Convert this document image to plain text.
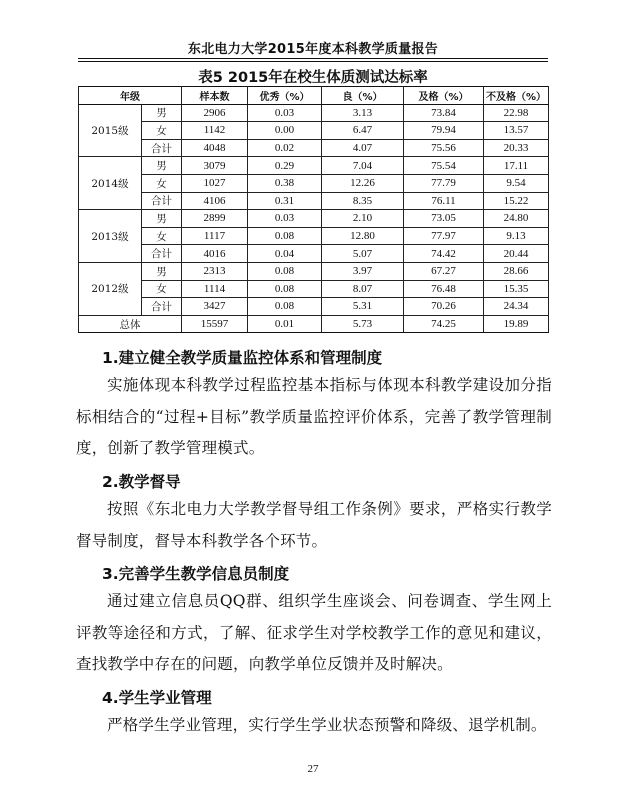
东北电力大学2015年度本科教学质量报告
表5 2015年在校生体质测试达标率
年级		样本数	优秀（%）	良（%）	及格（%）	不及格（%）
2015级	男	2906	0.03	3.13	73.84	22.98
	女	1142	0.00	6.47	79.94	13.57
	合计	4048	0.02	4.07	75.56	20.33
2014级	男	3079	0.29	7.04	75.54	17.11
	女	1027	0.38	12.26	77.79	9.54
	合计	4106	0.31	8.35	76.11	15.22
2013级	男	2899	0.03	2.10	73.05	24.80
	女	1117	0.08	12.80	77.97	9.13
	合计	4016	0.04	5.07	74.42	20.44
2012级	男	2313	0.08	3.97	67.27	28.66
	女	1114	0.08	8.07	76.48	15.35
	合计	3427	0.08	5.31	70.26	24.34
总体		15597	0.01	5.73	74.25	19.89
1.建立健全教学质量监控体系和管理制度
实施体现本科教学过程监控基本指标与体现本科教学建设加分指标相结合的“过程+目标”教学质量监控评价体系，完善了教学管理制度，创新了教学管理模式。
2.教学督导
按照《东北电力大学教学督导组工作条例》要求，严格实行教学督导制度，督导本科教学各个环节。
3.完善学生教学信息员制度
通过建立信息员QQ群、组织学生座谈会、问卷调查、学生网上评教等途径和方式，了解、征求学生对学校教学工作的意见和建议，查找教学中存在的问题，向教学单位反馈并及时解决。
4.学生学业管理
严格学生学业管理，实行学生学业状态预警和降级、退学机制。
27
